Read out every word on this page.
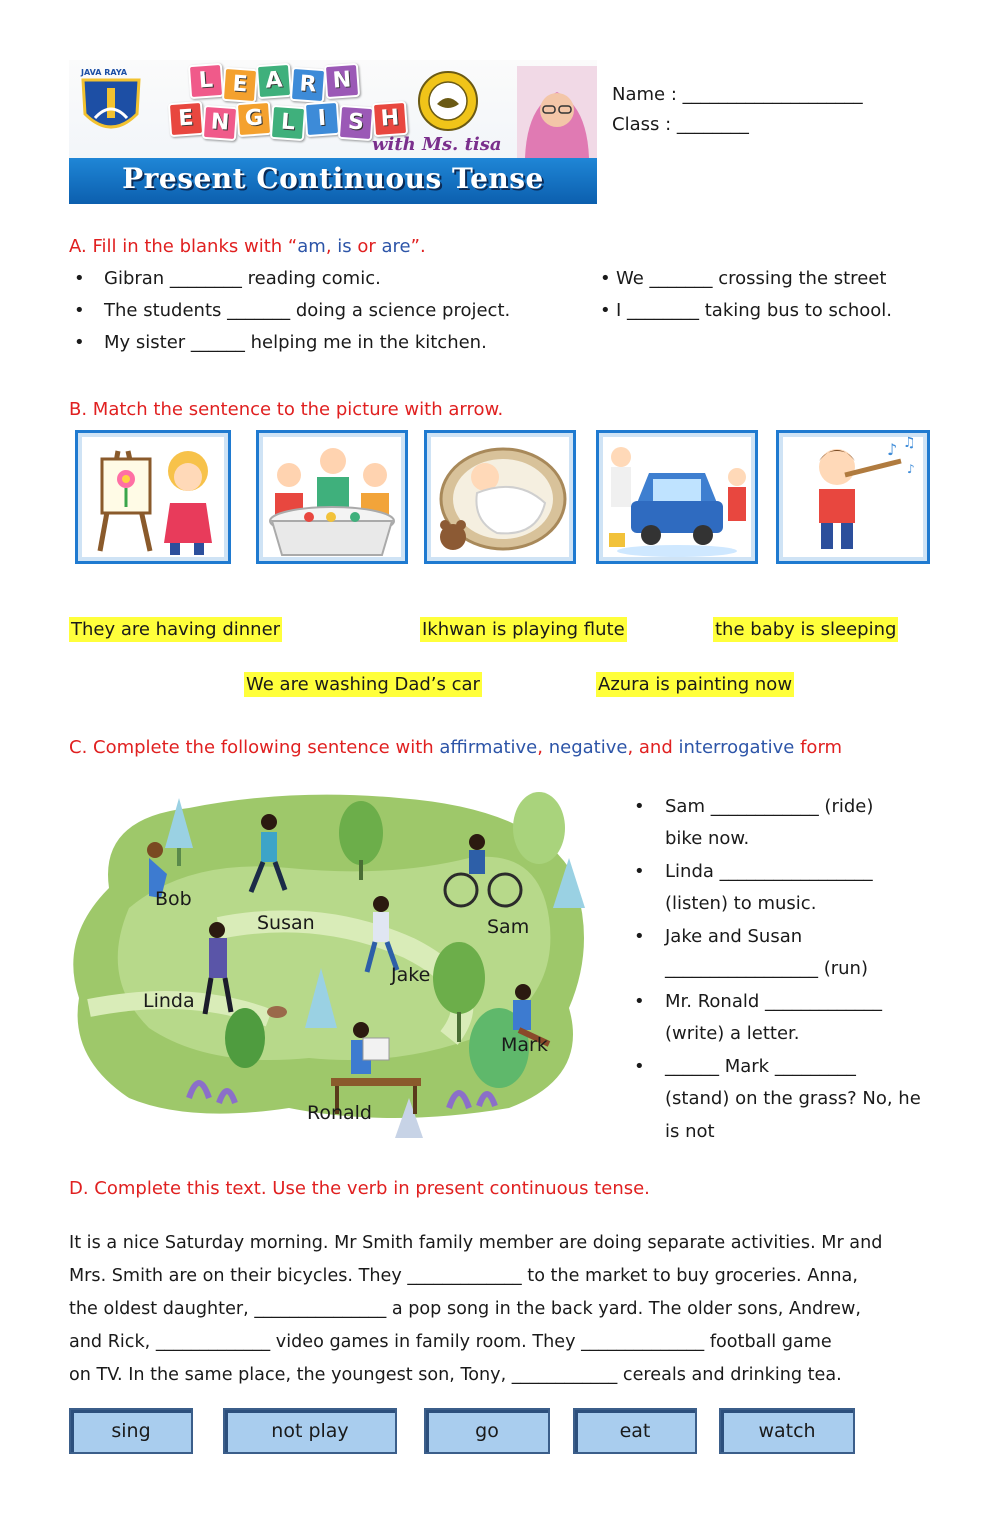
JAVA RAYA	L E A R N
E N G L I S H
with Ms. tisa
Present Continuous Tense
Name : ____________________
Class : ________
A. Fill in the blanks with “am, is or are”.
• Gibran ________ reading comic.
• The students _______ doing a science project.
• My sister ______ helping me in the kitchen.
• We _______ crossing the street
• I ________ taking bus to school.
B. Match the sentence to the picture with arrow.
♪ ♫
♪
They are having dinner	Ikhwan is playing flute	the baby is sleeping
We are washing Dad’s car	Azura is painting now
C. Complete the following sentence with affirmative, negative, and interrogative form
Bob
Susan	Sam
Jake
Linda
Mark
Ronald
• Sam ____________ (ride)
bike now.
• Linda _________________
(listen) to music.
• Jake and Susan
_________________ (run)
• Mr. Ronald _____________
(write) a letter.
• ______ Mark _________
(stand) on the grass? No, he
is not
D. Complete this text. Use the verb in present continuous tense.
It is a nice Saturday morning. Mr Smith family member are doing separate activities. Mr and
Mrs. Smith are on their bicycles. They _____________ to the market to buy groceries. Anna,
the oldest daughter, _______________ a pop song in the back yard. The older sons, Andrew,
and Rick, _____________ video games in family room. They ______________ football game
on TV. In the same place, the youngest son, Tony, ____________ cereals and drinking tea.
sing	not play	go	eat	watch
